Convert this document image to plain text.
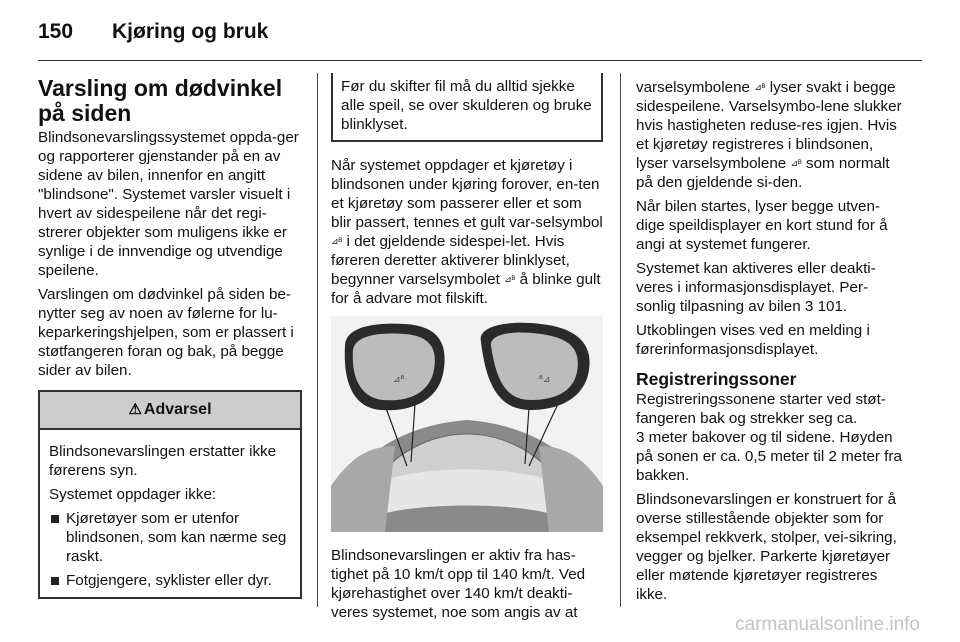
150 Kjøring og bruk
Varsling om dødvinkel på siden

Blindsonevarslingssystemet oppda-ger og rapporterer gjenstander på en av sidene av bilen, innenfor en angitt "blindsone". Systemet varsler visuelt i hvert av sidespeilene når det regi-strerer objekter som muligens ikke er synlige i de innvendige og utvendige speilene.

Varslingen om dødvinkel på siden be-nytter seg av noen av følerne for lu-keparkeringshjelpen, som er plassert i støtfangeren foran og bak, på begge sider av bilen.

⚠ Advarsel

Blindsonevarslingen erstatter ikke førerens syn.

Systemet oppdager ikke:

Kjøretøyer som er utenfor blindsonen, som kan nærme seg raskt.
Fotgjengere, syklister eller dyr.
Før du skifter fil må du alltid sjekke alle speil, se over skulderen og bruke blinklyset.

Når systemet oppdager et kjøretøy i blindsonen under kjøring forover, en-ten et kjøretøy som passerer eller et som blir passert, tennes et gult var-selsymbol ⊿ᴮ i det gjeldende sidespei-let. Hvis føreren deretter aktiverer blinklyset, begynner varselsymbolet ⊿ᴮ å blinke gult for å advare mot filskift.

⊿ᴮ	ᴮ⊿

Blindsonevarslingen er aktiv fra has-tighet på 10 km/t opp til 140 km/t. Ved kjørehastighet over 140 km/t deakti-veres systemet, noe som angis av at

varselsymbolene ⊿ᴮ lyser svakt i begge sidespeilene. Varselsymbo-lene slukker hvis hastigheten reduse-res igjen. Hvis et kjøretøy registreres i blindsonen, lyser varselsymbolene ⊿ᴮ som normalt på den gjeldende si-den.

Når bilen startes, lyser begge utven-dige speildisplayer en kort stund for å angi at systemet fungerer.

Systemet kan aktiveres eller deakti-veres i informasjonsdisplayet. Per-sonlig tilpasning av bilen 3 101.

Utkoblingen vises ved en melding i førerinformasjonsdisplayet.

Registreringssoner

Registreringssonene starter ved støt-fangeren bak og strekker seg ca.

3 meter bakover og til sidene. Høyden på sonen er ca. 0,5 meter til 2 meter fra bakken.

Blindsonevarslingen er konstruert for å overse stillestående objekter som for eksempel rekkverk, stolper, vei-sikring, vegger og bjelker. Parkerte kjøretøyer eller møtende kjøretøyer registreres ikke.

carmanualsonline.info
